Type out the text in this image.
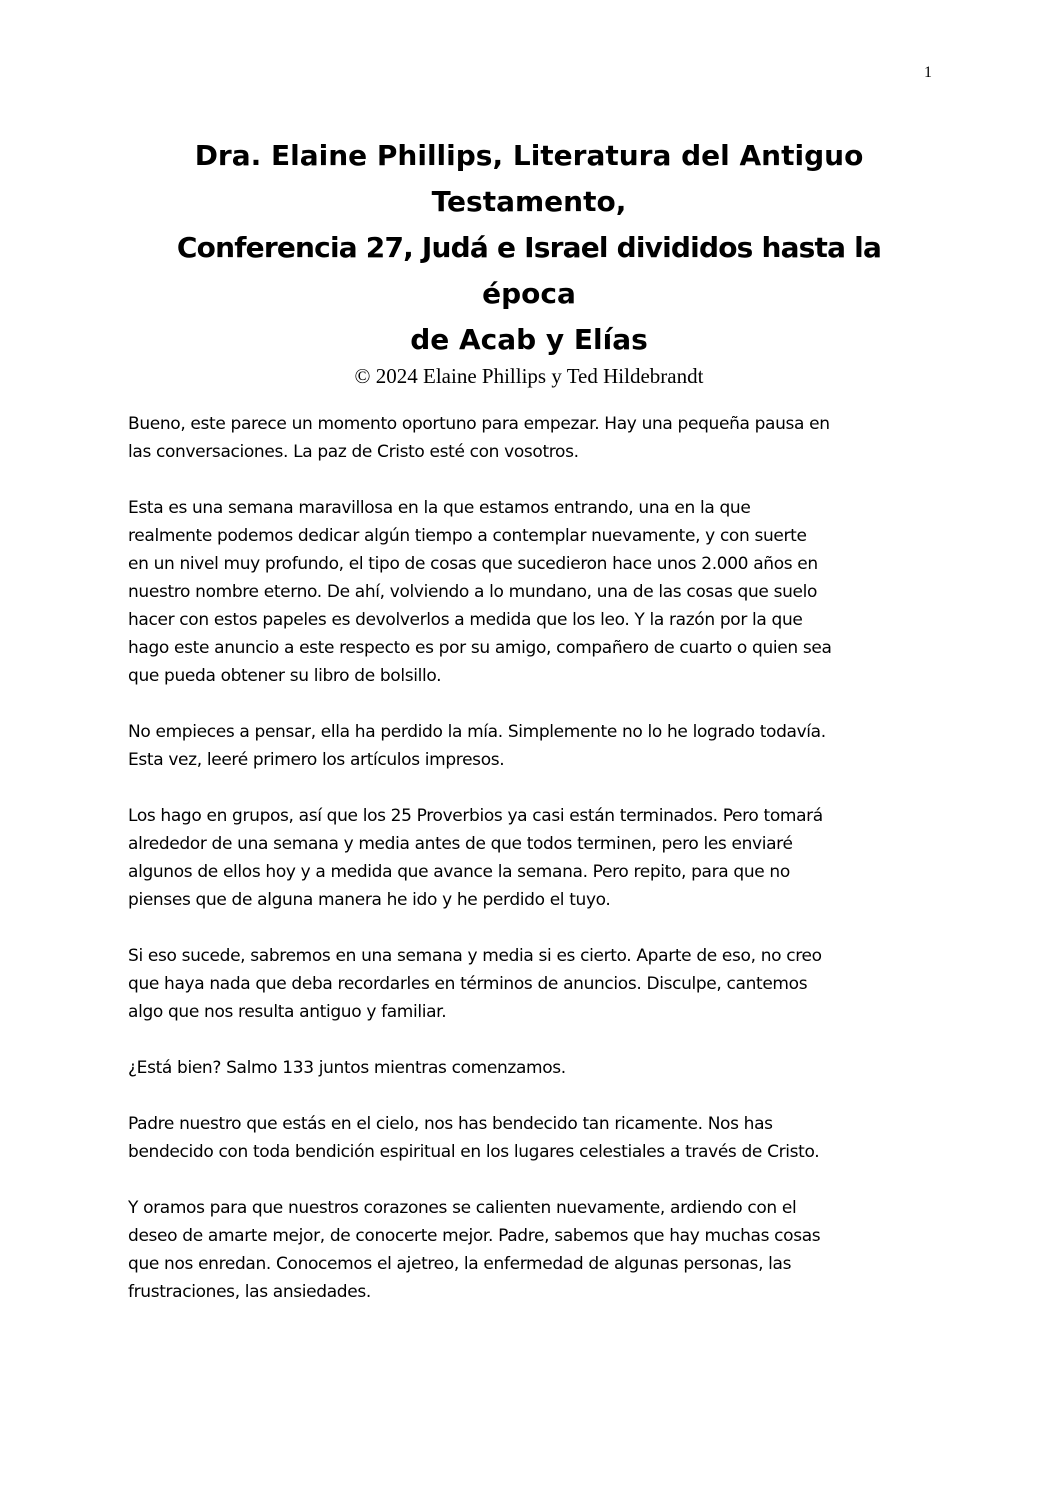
1

Dra. Elaine Phillips, Literatura del Antiguo

Testamento,

Conferencia 27, Judá e Israel divididos hasta la

época

de Acab y Elías

© 2024 Elaine Phillips y Ted Hildebrandt

Bueno, este parece un momento oportuno para empezar. Hay una pequeña pausa en
las conversaciones. La paz de Cristo esté con vosotros.

Esta es una semana maravillosa en la que estamos entrando, una en la que
realmente podemos dedicar algún tiempo a contemplar nuevamente, y con suerte
en un nivel muy profundo, el tipo de cosas que sucedieron hace unos 2.000 años en
nuestro nombre eterno. De ahí, volviendo a lo mundano, una de las cosas que suelo
hacer con estos papeles es devolverlos a medida que los leo. Y la razón por la que
hago este anuncio a este respecto es por su amigo, compañero de cuarto o quien sea
que pueda obtener su libro de bolsillo.

No empieces a pensar, ella ha perdido la mía. Simplemente no lo he logrado todavía.
Esta vez, leeré primero los artículos impresos.

Los hago en grupos, así que los 25 Proverbios ya casi están terminados. Pero tomará
alrededor de una semana y media antes de que todos terminen, pero les enviaré
algunos de ellos hoy y a medida que avance la semana. Pero repito, para que no
pienses que de alguna manera he ido y he perdido el tuyo.

Si eso sucede, sabremos en una semana y media si es cierto. Aparte de eso, no creo
que haya nada que deba recordarles en términos de anuncios. Disculpe, cantemos
algo que nos resulta antiguo y familiar.

¿Está bien? Salmo 133 juntos mientras comenzamos.

Padre nuestro que estás en el cielo, nos has bendecido tan ricamente. Nos has
bendecido con toda bendición espiritual en los lugares celestiales a través de Cristo.

Y oramos para que nuestros corazones se calienten nuevamente, ardiendo con el
deseo de amarte mejor, de conocerte mejor. Padre, sabemos que hay muchas cosas
que nos enredan. Conocemos el ajetreo, la enfermedad de algunas personas, las
frustraciones, las ansiedades.
